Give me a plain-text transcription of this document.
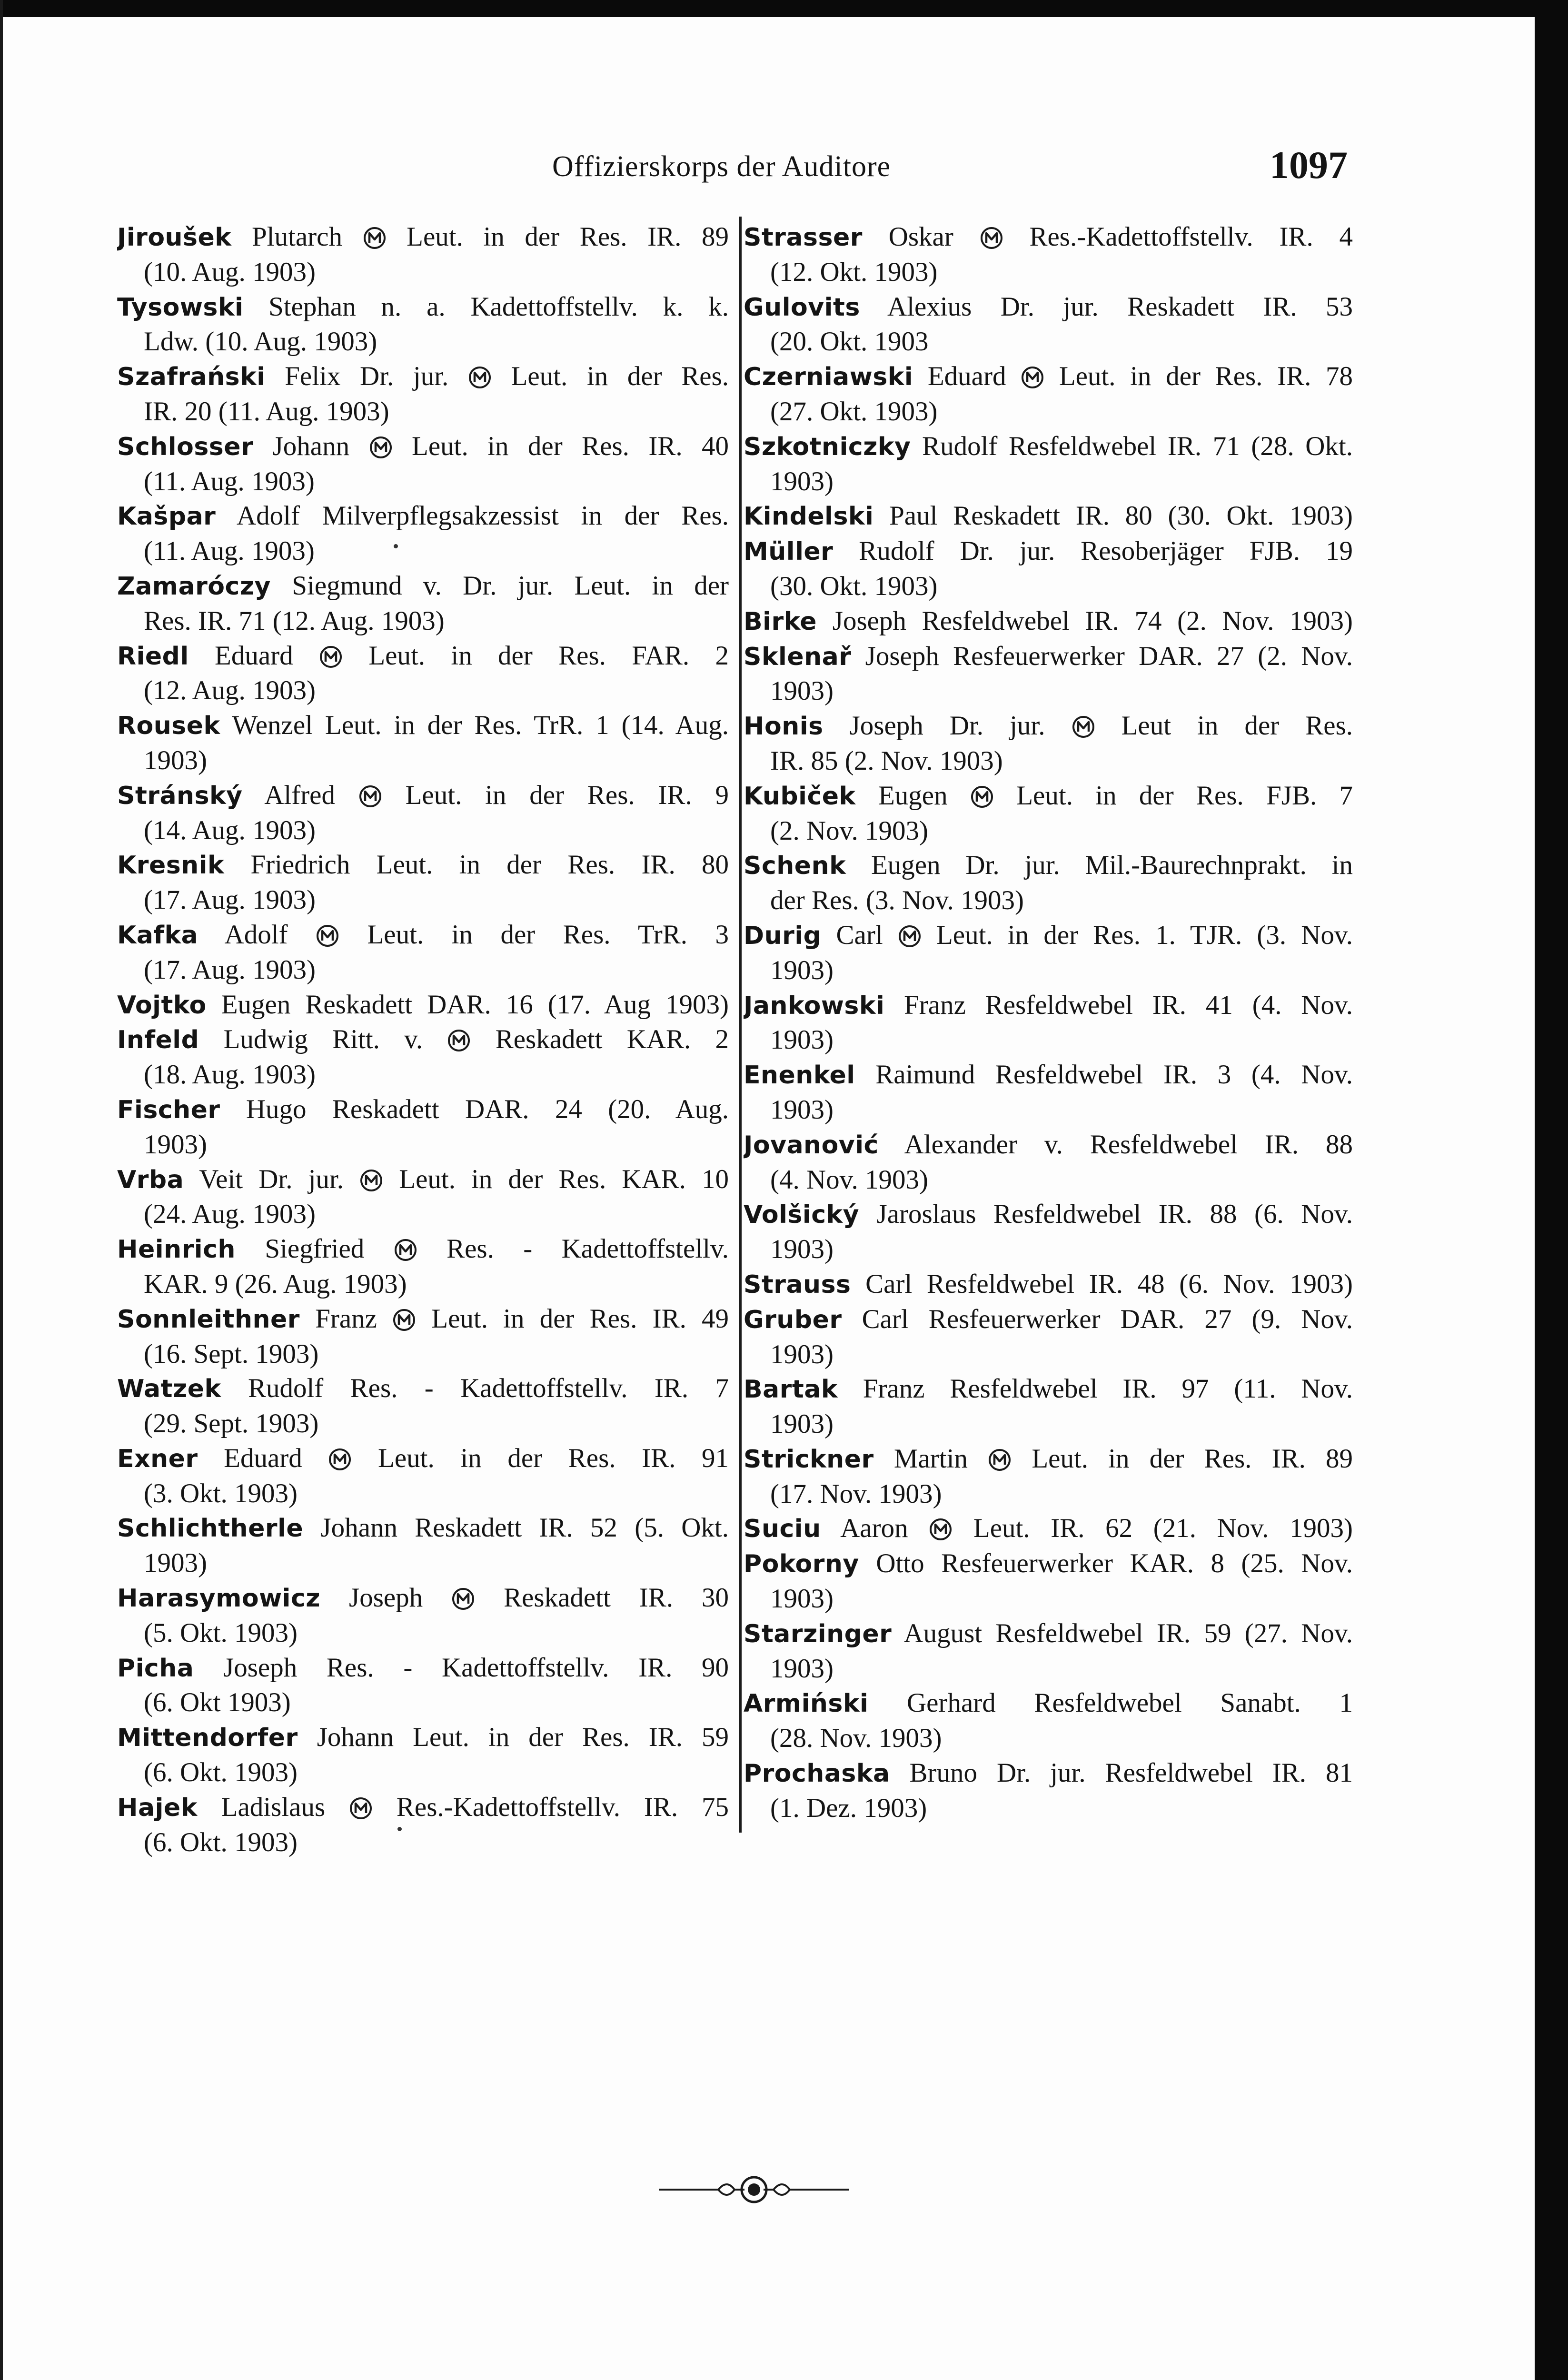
Offizierskorps der Auditore	1097
Jiroušek Plutarch Leut. in der Res. IR. 89
(10. Aug. 1903)
Tysowski Stephan n. a. Kadettoffstellv. k. k.
Ldw. (10. Aug. 1903)
Szafrański Felix Dr. jur. Leut. in der Res.
IR. 20 (11. Aug. 1903)
Schlosser Johann Leut. in der Res. IR. 40
(11. Aug. 1903)
Kašpar Adolf Milverpflegsakzessist in der Res.
(11. Aug. 1903)
Zamaróczy Siegmund v. Dr. jur. Leut. in der
Res. IR. 71 (12. Aug. 1903)
Riedl Eduard	Leut. in der Res. FAR. 2
(12. Aug. 1903)
Rousek Wenzel Leut. in der Res. TrR. 1 (14. Aug.
1903)
Stránský Alfred	Leut. in der Res. IR. 9
(14. Aug. 1903)
Kresnik Friedrich Leut. in der Res. IR. 80
(17. Aug. 1903)
Kafka Adolf	Leut. in der Res. TrR. 3
(17. Aug. 1903)
Vojtko Eugen Reskadett DAR. 16 (17. Aug 1903)
Infeld Ludwig Ritt. v.	Reskadett KAR. 2
(18. Aug. 1903)
Fischer Hugo Reskadett DAR. 24 (20. Aug.
1903)
Vrba Veit Dr. jur. Leut. in der Res. KAR. 10
(24. Aug. 1903)
Heinrich Siegfried	Res. - Kadettoffstellv.
KAR. 9 (26. Aug. 1903)
Sonnleithner Franz Leut. in der Res. IR. 49
(16. Sept. 1903)
Watzek Rudolf Res. - Kadettoffstellv. IR. 7
(29. Sept. 1903)
Exner Eduard	Leut. in der Res. IR. 91
(3. Okt. 1903)
Schlichtherle Johann Reskadett IR. 52 (5. Okt.
1903)
Harasymowicz Joseph	Reskadett IR. 30
(5. Okt. 1903)
Picha Joseph Res. - Kadettoffstellv. IR. 90
(6. Okt 1903)
Mittendorfer Johann Leut. in der Res. IR. 59
(6. Okt. 1903)
Hajek Ladislaus	Res.-Kadettoffstellv. IR. 75
(6. Okt. 1903)
Strasser Oskar	Res.-Kadettoffstellv. IR. 4
(12. Okt. 1903)
Gulovits Alexius Dr. jur. Reskadett IR. 53
(20. Okt. 1903
Czerniawski Eduard Leut. in der Res. IR. 78
(27. Okt. 1903)
Szkotniczky Rudolf Resfeldwebel IR. 71 (28. Okt.
1903)
Kindelski Paul Reskadett IR. 80 (30. Okt. 1903)
Müller Rudolf Dr. jur. Resoberjäger FJB. 19
(30. Okt. 1903)
Birke Joseph Resfeldwebel IR. 74 (2. Nov. 1903)
Sklenař Joseph Resfeuerwerker DAR. 27 (2. Nov.
1903)
Honis Joseph Dr. jur.	Leut in der Res.
IR. 85 (2. Nov. 1903)
Kubiček Eugen	Leut. in der Res. FJB. 7
(2. Nov. 1903)
Schenk Eugen Dr. jur. Mil.-Baurechnprakt. in
der Res. (3. Nov. 1903)
Durig Carl Leut. in der Res. 1. TJR. (3. Nov.
1903)
Jankowski Franz Resfeldwebel IR. 41 (4. Nov.
1903)
Enenkel Raimund Resfeldwebel IR. 3 (4. Nov.
1903)
Jovanović Alexander v. Resfeldwebel IR. 88
(4. Nov. 1903)
Volšický Jaroslaus Resfeldwebel IR. 88 (6. Nov.
1903)
Strauss Carl Resfeldwebel IR. 48 (6. Nov. 1903)
Gruber Carl Resfeuerwerker DAR. 27 (9. Nov.
1903)
Bartak Franz Resfeldwebel IR. 97 (11. Nov.
1903)
Strickner Martin Leut. in der Res. IR. 89
(17. Nov. 1903)
Suciu Aaron Leut. IR. 62 (21. Nov. 1903)
Pokorny Otto Resfeuerwerker KAR. 8 (25. Nov.
1903)
Starzinger August Resfeldwebel IR. 59 (27. Nov.
1903)
Armiński Gerhard Resfeldwebel Sanabt. 1
(28. Nov. 1903)
Prochaska Bruno Dr. jur. Resfeldwebel IR. 81
(1. Dez. 1903)
